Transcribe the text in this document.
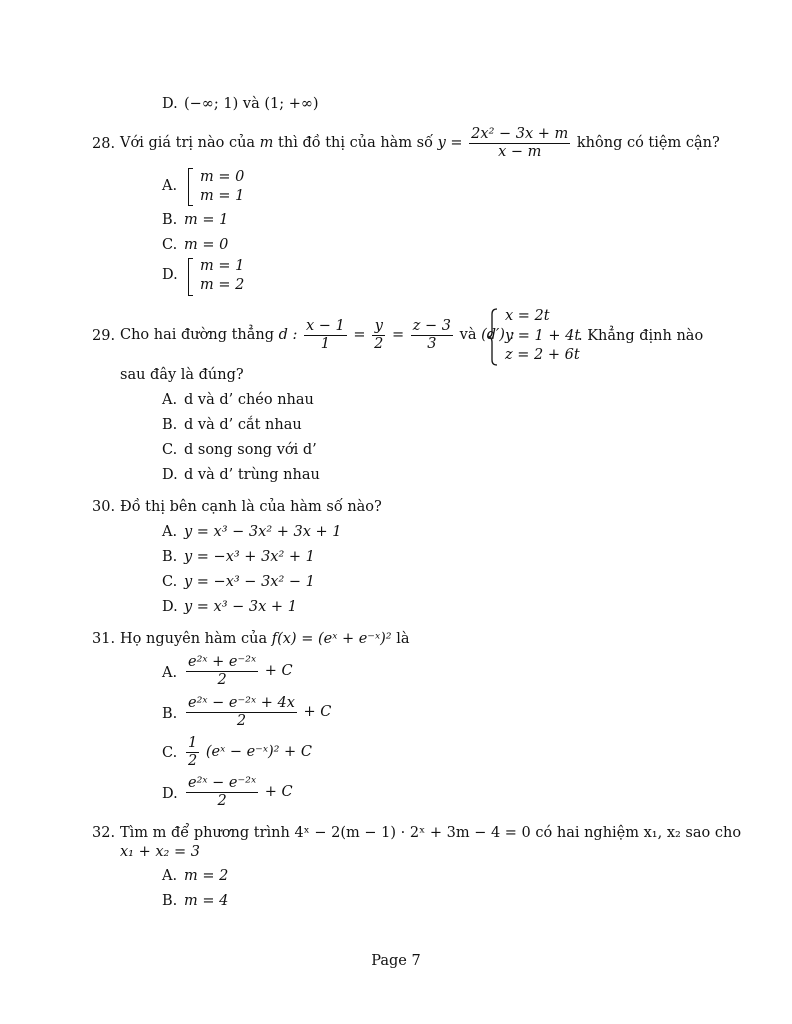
D. (−∞; 1) và (1; +∞)
28. Với giá trị nào của m thì đồ thị của hàm số $y = \frac{\text{2x² − 3x + m}}{x - m}$ không có tiệm cận?
A.
m = 0
m = 1
B. m = 1
C. m = 0
D.
m = 1
m = 2
29. Cho hai đường thẳng d : $\frac{x - 1}{1} = \frac{y}{2} = \frac{z - 3}{3}$ và (d′) :
x = 2t
y = 1 + 4t
z = 2 + 6t
. Khẳng định nào
sau đây là đúng?
A. d và d’ chéo nhau
B. d và d’ cắt nhau
C. d song song với d’
D. d và d’ trùng nhau
30. Đồ thị bên cạnh là của hàm số nào?
A. y = x³ − 3x² + 3x + 1
B. y = −x³ + 3x² + 1
C. y = −x³ − 3x² − 1
D. y = x³ − 3x + 1
31. Họ nguyên hàm của f(x) = (eˣ + e⁻ˣ)² là
A. $\frac{\text{e²ˣ + e⁻²ˣ}}{2} + C$
B. $\frac{\text{e²ˣ − e⁻²ˣ + 4x}}{2} + C$
C. $\frac{1}{2}$ (eˣ − e⁻ˣ)² + C
D. $\frac{\text{e²ˣ − e⁻²ˣ}}{2} + C$
32. Tìm m để phương trình 4ˣ − 2(m − 1) · 2ˣ + 3m − 4 = 0 có hai nghiệm x₁, x₂ sao cho
x₁ + x₂ = 3
A. m = 2
B. m = 4
Page 7
